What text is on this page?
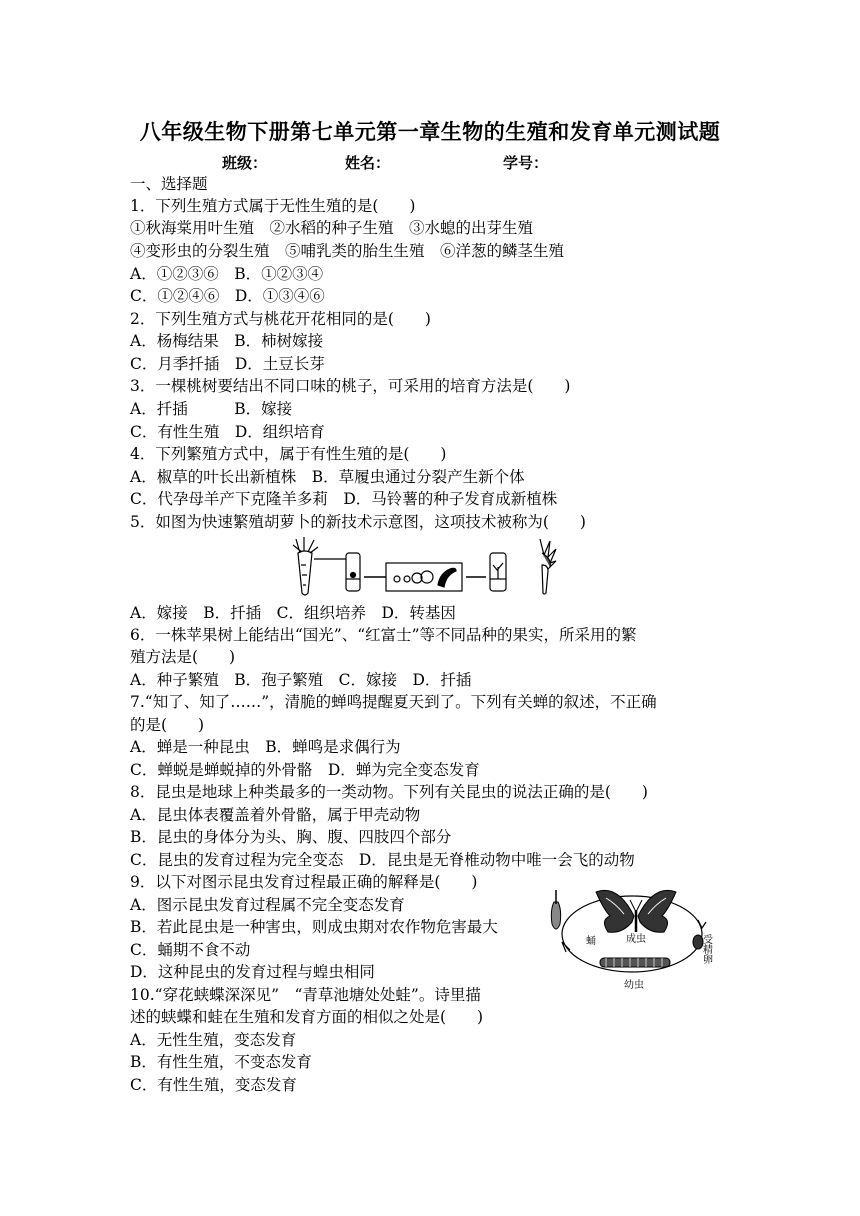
八年级生物下册第七单元第一章生物的生殖和发育单元测试题
班级：	姓名：	学号：
一、选择题
1．下列生殖方式属于无性生殖的是(　　)
①秋海棠用叶生殖　②水稻的种子生殖　③水螅的出芽生殖
④变形虫的分裂生殖　⑤哺乳类的胎生生殖　⑥洋葱的鳞茎生殖
A．①②③⑥　B．①②③④
C．①②④⑥　D．①③④⑥
2．下列生殖方式与桃花开花相同的是(　　)
A．杨梅结果　B．柿树嫁接
C．月季扦插　D．土豆长芽
3．一棵桃树要结出不同口味的桃子，可采用的培育方法是(　　)
A．扦插　　　B．嫁接
C．有性生殖　D．组织培育
4．下列繁殖方式中，属于有性生殖的是(　　)
A．椒草的叶长出新植株　B．草履虫通过分裂产生新个体
C．代孕母羊产下克隆羊多莉　D．马铃薯的种子发育成新植株
5．如图为快速繁殖胡萝卜的新技术示意图，这项技术被称为(　　)
A．嫁接　B．扦插　C．组织培养　D．转基因
6．一株苹果树上能结出“国光”、“红富士”等不同品种的果实，所采用的繁
殖方法是(　　)
A．种子繁殖　B．孢子繁殖　C．嫁接　D．扦插
7.“知了、知了……”，清脆的蝉鸣提醒夏天到了。下列有关蝉的叙述，不正确
的是(　　)
A．蝉是一种昆虫　B．蝉鸣是求偶行为
C．蝉蜕是蝉蜕掉的外骨骼　D．蝉为完全变态发育
8．昆虫是地球上种类最多的一类动物。下列有关昆虫的说法正确的是(　　)
A．昆虫体表覆盖着外骨骼，属于甲壳动物
B．昆虫的身体分为头、胸、腹、四肢四个部分
C．昆虫的发育过程为完全变态　D．昆虫是无脊椎动物中唯一会飞的动物
9．以下对图示昆虫发育过程最正确的解释是(　　)
A．图示昆虫发育过程属不完全变态发育
B．若此昆虫是一种害虫，则成虫期对农作物危害最大
C．蛹期不食不动
D．这种昆虫的发育过程与蝗虫相同
蛹	成虫	受精卵
幼虫
10.“穿花蛱蝶深深见”　“青草池塘处处蛙”。诗里描
述的蛱蝶和蛙在生殖和发育方面的相似之处是(　　)
A．无性生殖，变态发育
B．有性生殖，不变态发育
C．有性生殖，变态发育
